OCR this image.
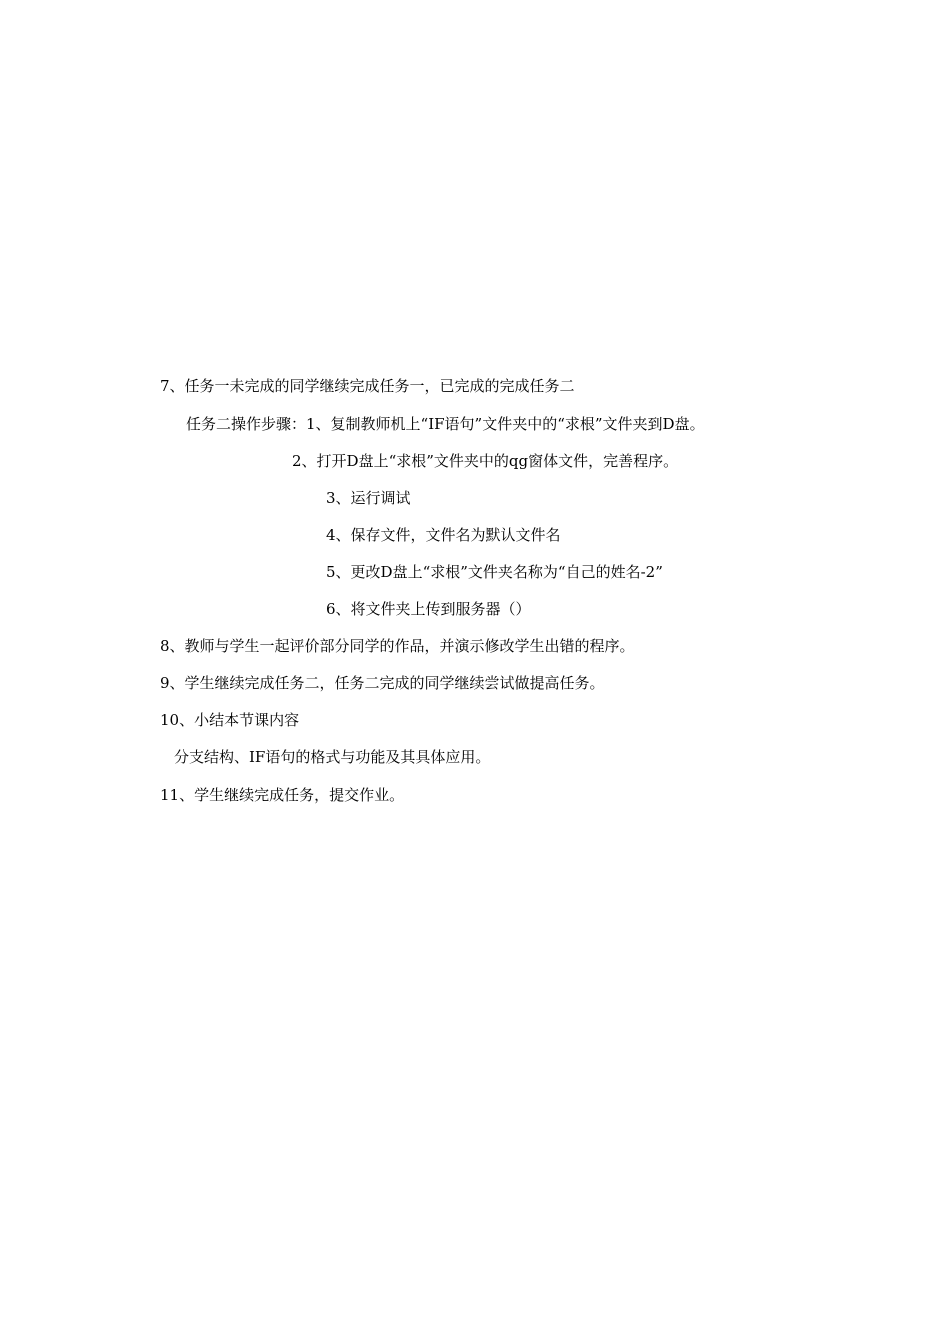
7、任务一未完成的同学继续完成任务一，已完成的完成任务二
任务二操作步骤：1、复制教师机上“IF语句”文件夹中的“求根”文件夹到D盘。
2、打开D盘上“求根”文件夹中的qg窗体文件，完善程序。
3、运行调试
4、保存文件，文件名为默认文件名
5、更改D盘上“求根”文件夹名称为“自己的姓名-2”
6、将文件夹上传到服务器（）
8、教师与学生一起评价部分同学的作品，并演示修改学生出错的程序。
9、学生继续完成任务二，任务二完成的同学继续尝试做提高任务。
10、小结本节课内容
分支结构、IF语句的格式与功能及其具体应用。
11、学生继续完成任务，提交作业。
